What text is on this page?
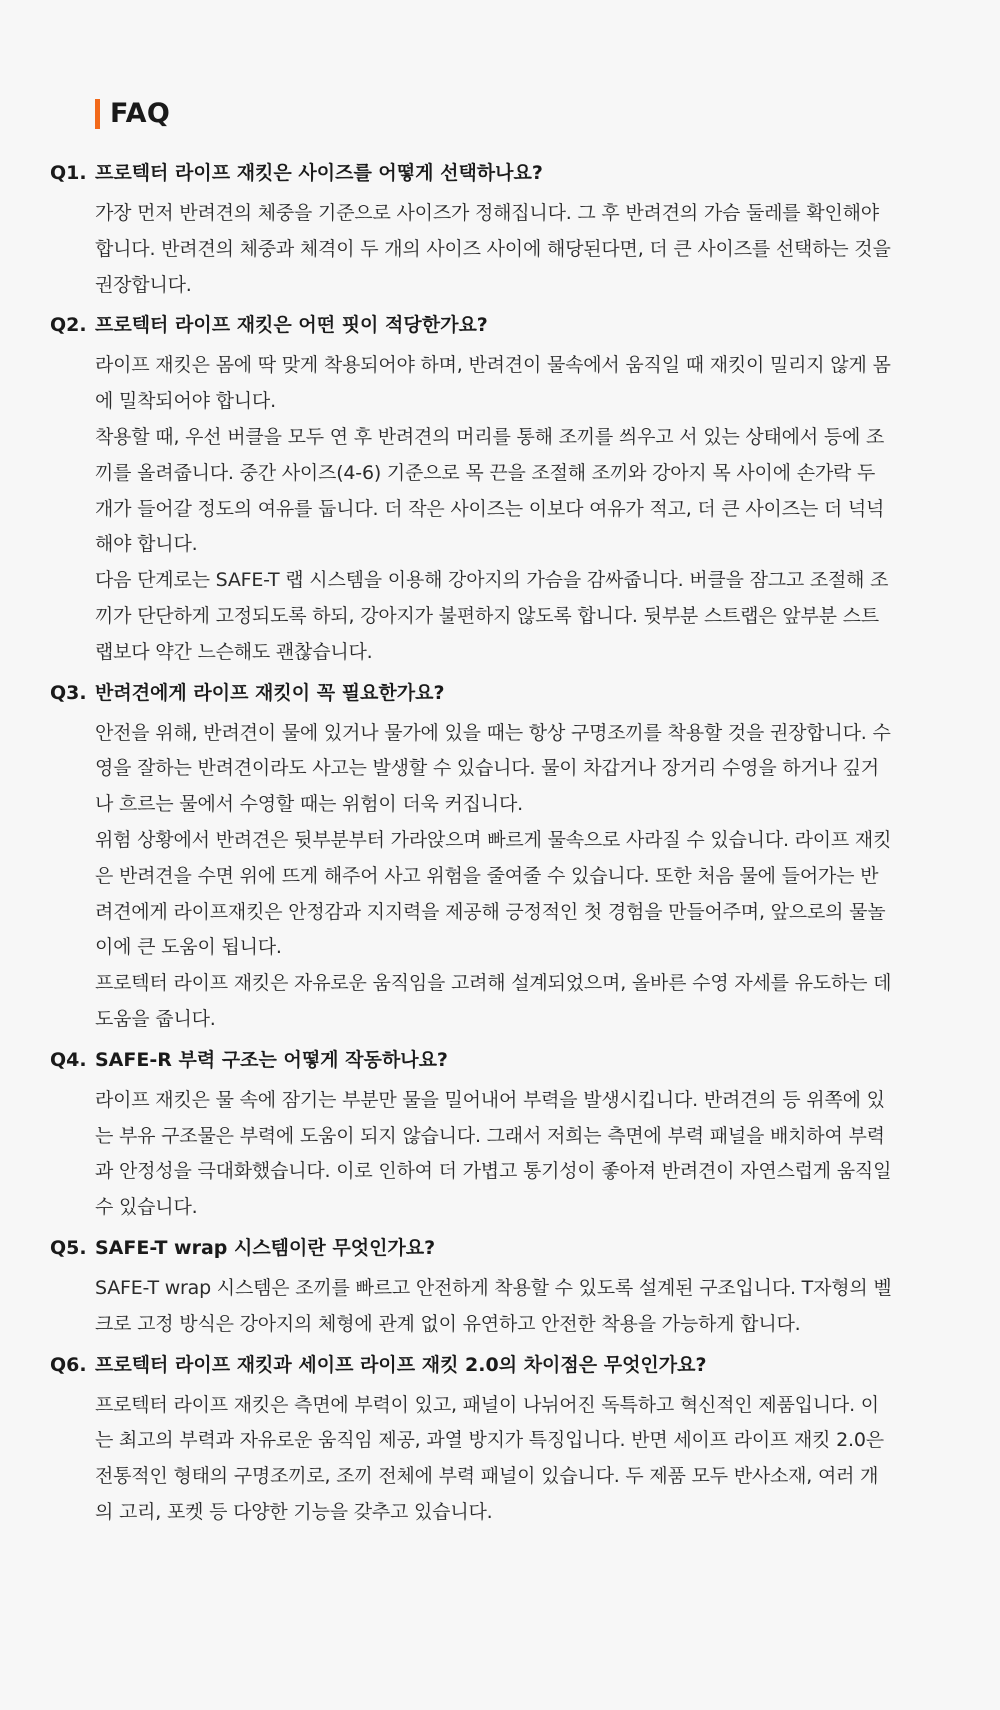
FAQ
Q1. 프로텍터 라이프 재킷은 사이즈를 어떻게 선택하나요?

가장 먼저 반려견의 체중을 기준으로 사이즈가 정해집니다. 그 후 반려견의 가슴 둘레를 확인해야 합니다. 반려견의 체중과 체격이 두 개의 사이즈 사이에 해당된다면, 더 큰 사이즈를 선택하는 것을 권장합니다.

Q2. 프로텍터 라이프 재킷은 어떤 핏이 적당한가요?

라이프 재킷은 몸에 딱 맞게 착용되어야 하며, 반려견이 물속에서 움직일 때 재킷이 밀리지 않게 몸에 밀착되어야 합니다.

착용할 때, 우선 버클을 모두 연 후 반려견의 머리를 통해 조끼를 씌우고 서 있는 상태에서 등에 조끼를 올려줍니다. 중간 사이즈(4-6) 기준으로 목 끈을 조절해 조끼와 강아지 목 사이에 손가락 두 개가 들어갈 정도의 여유를 둡니다. 더 작은 사이즈는 이보다 여유가 적고, 더 큰 사이즈는 더 넉넉해야 합니다.

다음 단계로는 SAFE-T 랩 시스템을 이용해 강아지의 가슴을 감싸줍니다. 버클을 잠그고 조절해 조끼가 단단하게 고정되도록 하되, 강아지가 불편하지 않도록 합니다. 뒷부분 스트랩은 앞부분 스트랩보다 약간 느슨해도 괜찮습니다.

Q3. 반려견에게 라이프 재킷이 꼭 필요한가요?

안전을 위해, 반려견이 물에 있거나 물가에 있을 때는 항상 구명조끼를 착용할 것을 권장합니다. 수영을 잘하는 반려견이라도 사고는 발생할 수 있습니다. 물이 차갑거나 장거리 수영을 하거나 깊거나 흐르는 물에서 수영할 때는 위험이 더욱 커집니다.

위험 상황에서 반려견은 뒷부분부터 가라앉으며 빠르게 물속으로 사라질 수 있습니다. 라이프 재킷은 반려견을 수면 위에 뜨게 해주어 사고 위험을 줄여줄 수 있습니다. 또한 처음 물에 들어가는 반려견에게 라이프재킷은 안정감과 지지력을 제공해 긍정적인 첫 경험을 만들어주며, 앞으로의 물놀이에 큰 도움이 됩니다.

프로텍터 라이프 재킷은 자유로운 움직임을 고려해 설계되었으며, 올바른 수영 자세를 유도하는 데 도움을 줍니다.

Q4. SAFE-R 부력 구조는 어떻게 작동하나요?

라이프 재킷은 물 속에 잠기는 부분만 물을 밀어내어 부력을 발생시킵니다. 반려견의 등 위쪽에 있는 부유 구조물은 부력에 도움이 되지 않습니다. 그래서 저희는 측면에 부력 패널을 배치하여 부력과 안정성을 극대화했습니다. 이로 인하여 더 가볍고 통기성이 좋아져 반려견이 자연스럽게 움직일 수 있습니다.

Q5. SAFE-T wrap 시스템이란 무엇인가요?

SAFE-T wrap 시스템은 조끼를 빠르고 안전하게 착용할 수 있도록 설계된 구조입니다. T자형의 벨크로 고정 방식은 강아지의 체형에 관계 없이 유연하고 안전한 착용을 가능하게 합니다.

Q6. 프로텍터 라이프 재킷과 세이프 라이프 재킷 2.0의 차이점은 무엇인가요?

프로텍터 라이프 재킷은 측면에 부력이 있고, 패널이 나뉘어진 독특하고 혁신적인 제품입니다. 이는 최고의 부력과 자유로운 움직임 제공, 과열 방지가 특징입니다. 반면 세이프 라이프 재킷 2.0은 전통적인 형태의 구명조끼로, 조끼 전체에 부력 패널이 있습니다. 두 제품 모두 반사소재, 여러 개의 고리, 포켓 등 다양한 기능을 갖추고 있습니다.
